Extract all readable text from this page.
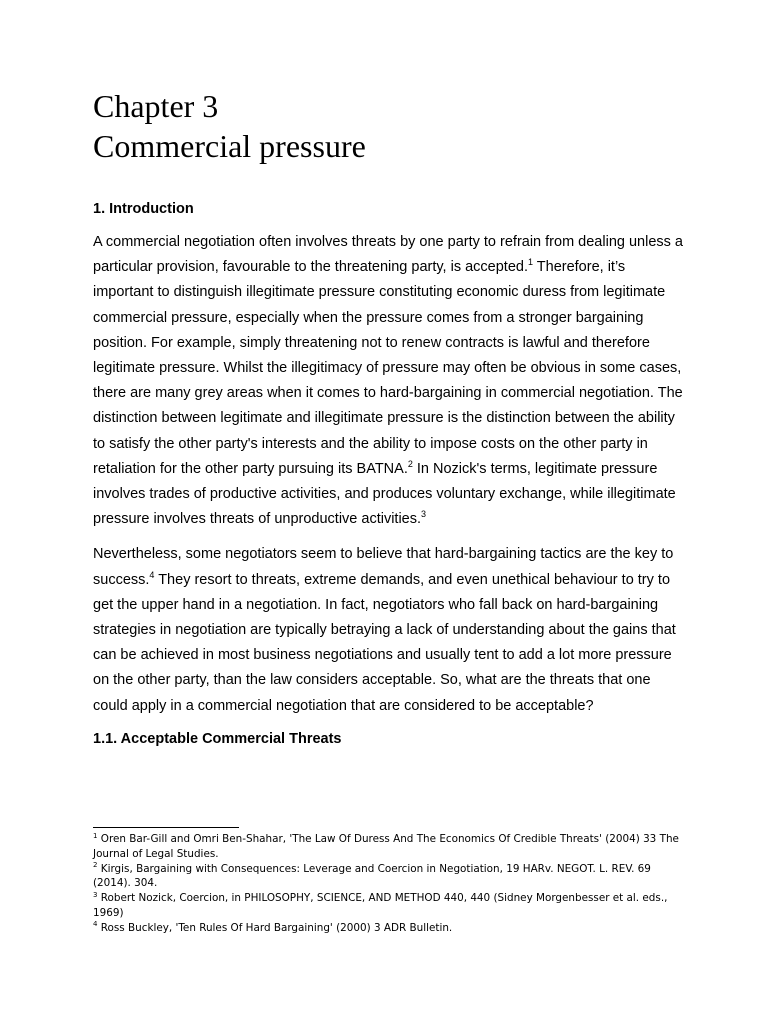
Chapter 3
Commercial pressure
1. Introduction

A commercial negotiation often involves threats by one party to refrain from dealing unless a particular provision, favourable to the threatening party, is accepted.$^1$ Therefore, it’s important to distinguish illegitimate pressure constituting economic duress from legitimate commercial pressure, especially when the pressure comes from a stronger bargaining position. For example, simply threatening not to renew contracts is lawful and therefore legitimate pressure. Whilst the illegitimacy of pressure may often be obvious in some cases, there are many grey areas when it comes to hard-bargaining in commercial negotiation. The distinction between legitimate and illegitimate pressure is the distinction between the ability to satisfy the other party's interests and the ability to impose costs on the other party in retaliation for the other party pursuing its BATNA.$^2$ In Nozick's terms, legitimate pressure involves trades of productive activities, and produces voluntary exchange, while illegitimate pressure involves threats of unproductive activities.$^3$

Nevertheless, some negotiators seem to believe that hard-bargaining tactics are the key to success.$^4$ They resort to threats, extreme demands, and even unethical behaviour to try to get the upper hand in a negotiation. In fact, negotiators who fall back on hard-bargaining strategies in negotiation are typically betraying a lack of understanding about the gains that can be achieved in most business negotiations and usually tent to add a lot more pressure on the other party, than the law considers acceptable. So, what are the threats that one could apply in a commercial negotiation that are considered to be acceptable?

1.1. Acceptable Commercial Threats

$^1$ Oren Bar-Gill and Omri Ben-Shahar, 'The Law Of Duress And The Economics Of Credible Threats' (2004) 33 The Journal of Legal Studies.

$^2$ Kirgis, Bargaining with Consequences: Leverage and Coercion in Negotiation, 19 HARv. NEGOT. L. REV. 69 (2014). 304.

$^3$ Robert Nozick, Coercion, in PHILOSOPHY, SCIENCE, AND METHOD 440, 440 (Sidney Morgenbesser et al. eds., 1969)

$^4$ Ross Buckley, 'Ten Rules Of Hard Bargaining' (2000) 3 ADR Bulletin.
